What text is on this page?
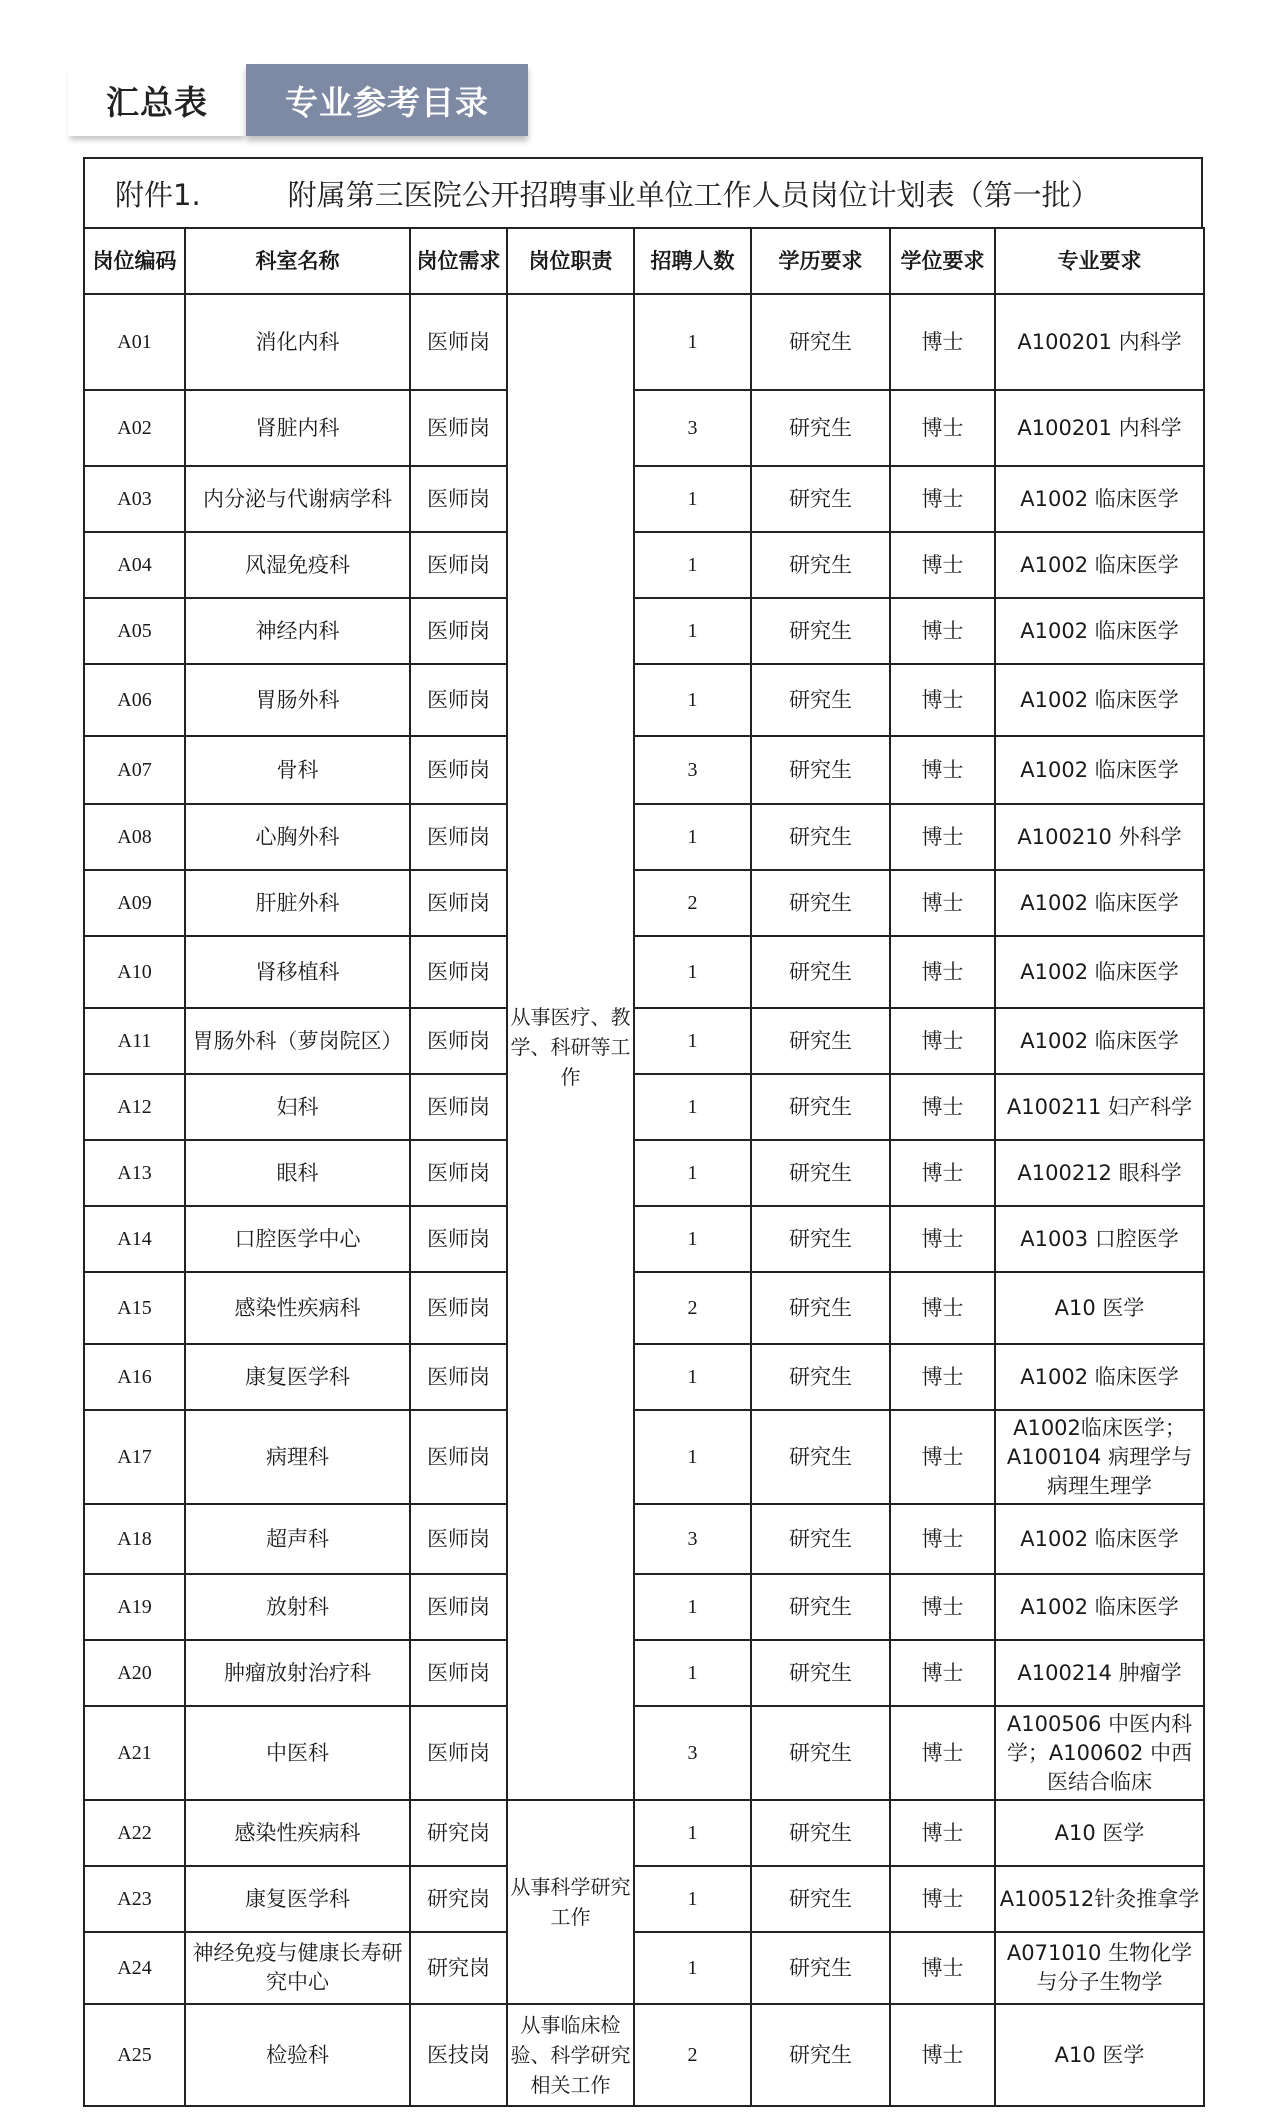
汇总表	专业参考目录
附件1.      附属第三医院公开招聘事业单位工作人员岗位计划表（第一批）
岗位编码	科室名称	岗位需求	岗位职责	招聘人数	学历要求	学位要求	专业要求
A01	消化内科	医师岗	从事医疗、教学、科研等工作	1	研究生	博士	A100201 内科学
A02	肾脏内科	医师岗		3	研究生	博士	A100201 内科学
A03	内分泌与代谢病学科	医师岗		1	研究生	博士	A1002 临床医学
A04	风湿免疫科	医师岗		1	研究生	博士	A1002 临床医学
A05	神经内科	医师岗		1	研究生	博士	A1002 临床医学
A06	胃肠外科	医师岗		1	研究生	博士	A1002 临床医学
A07	骨科	医师岗		3	研究生	博士	A1002 临床医学
A08	心胸外科	医师岗		1	研究生	博士	A100210 外科学
A09	肝脏外科	医师岗		2	研究生	博士	A1002 临床医学
A10	肾移植科	医师岗		1	研究生	博士	A1002 临床医学
A11	胃肠外科（萝岗院区）	医师岗		1	研究生	博士	A1002 临床医学
A12	妇科	医师岗		1	研究生	博士	A100211 妇产科学
A13	眼科	医师岗		1	研究生	博士	A100212 眼科学
A14	口腔医学中心	医师岗		1	研究生	博士	A1003 口腔医学
A15	感染性疾病科	医师岗		2	研究生	博士	A10 医学
A16	康复医学科	医师岗		1	研究生	博士	A1002 临床医学
A17	病理科	医师岗		1	研究生	博士	A1002临床医学；A100104 病理学与病理生理学
A18	超声科	医师岗		3	研究生	博士	A1002 临床医学
A19	放射科	医师岗		1	研究生	博士	A1002 临床医学
A20	肿瘤放射治疗科	医师岗		1	研究生	博士	A100214 肿瘤学
A21	中医科	医师岗		3	研究生	博士	A100506 中医内科学；A100602 中西医结合临床
A22	感染性疾病科	研究岗	从事科学研究工作	1	研究生	博士	A10 医学
A23	康复医学科	研究岗		1	研究生	博士	A100512针灸推拿学
A24	神经免疫与健康长寿研究中心	研究岗		1	研究生	博士	A071010 生物化学与分子生物学
A25	检验科	医技岗	从事临床检验、科学研究相关工作	2	研究生	博士	A10 医学
